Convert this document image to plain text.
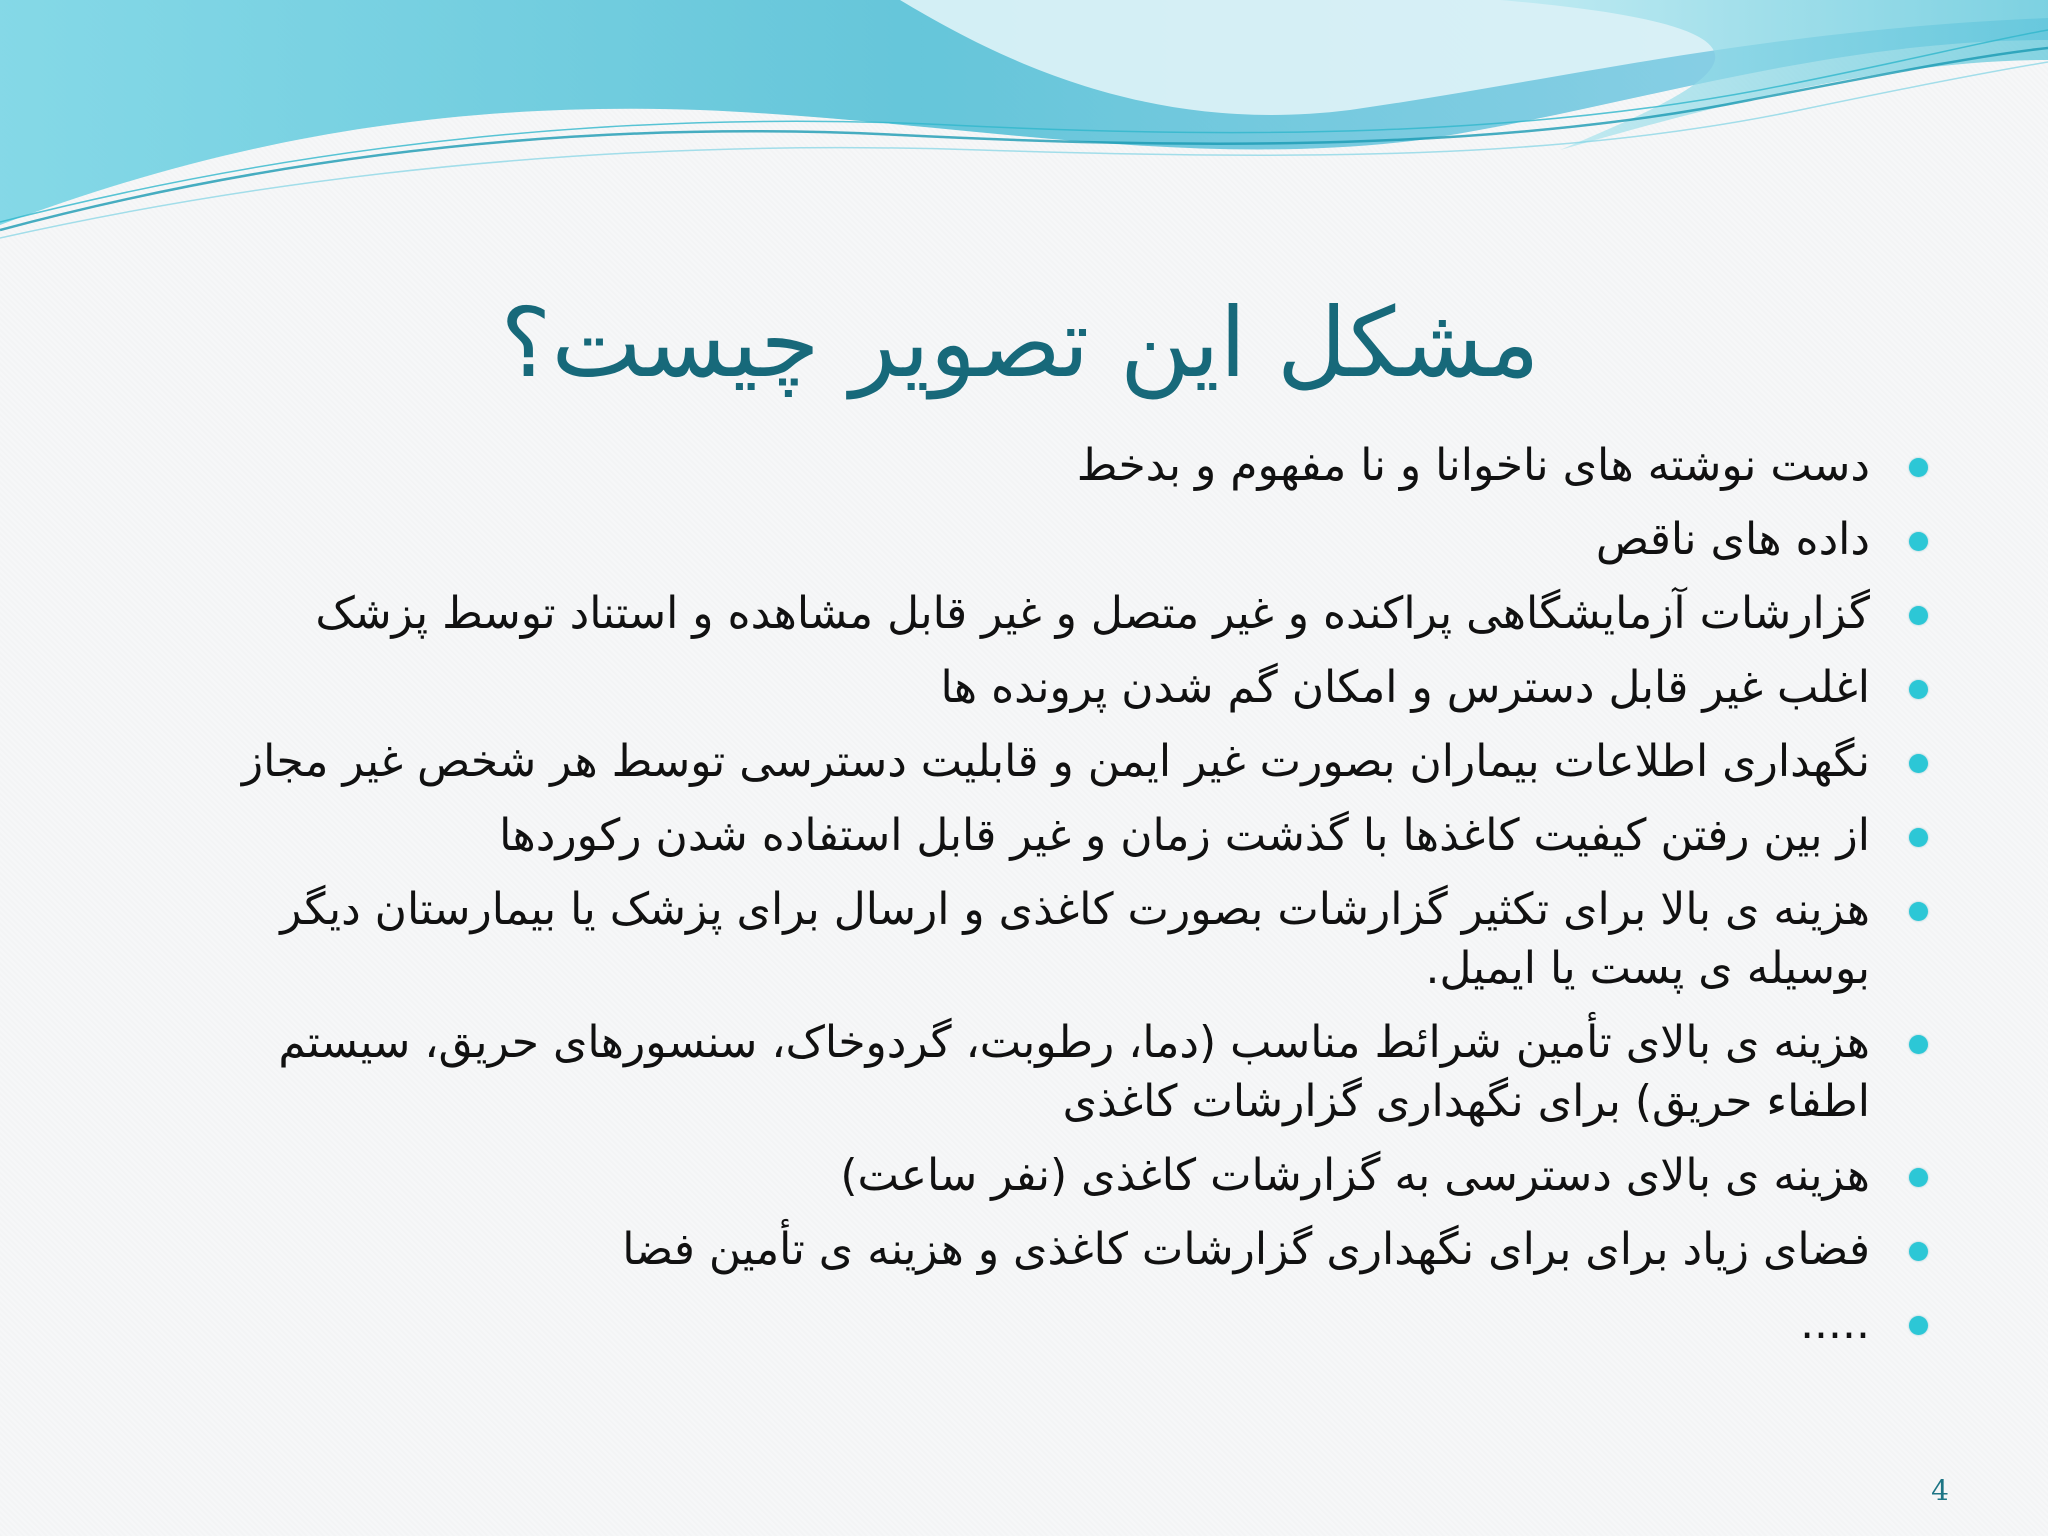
مشکل این تصویر چیست؟
دست نوشته های ناخوانا و نا مفهوم و بدخط
داده های ناقص
گزارشات آزمایشگاهی پراکنده و غیر متصل و غیر قابل مشاهده و استناد توسط پزشک
اغلب غیر قابل دسترس و امکان گم شدن پرونده ها
نگهداری اطلاعات بیماران بصورت غیر ایمن و قابلیت دسترسی توسط هر شخص غیر مجاز
از بین رفتن کیفیت کاغذها با گذشت زمان و غیر قابل استفاده شدن رکوردها
هزینه ی بالا برای تکثیر گزارشات بصورت کاغذی و ارسال برای پزشک یا بیمارستان دیگر بوسیله ی پست یا ایمیل.
هزینه ی بالای تأمین شرائط مناسب (دما، رطوبت، گردوخاک، سنسورهای حریق، سیستم اطفاء حریق) برای نگهداری گزارشات کاغذی
هزینه ی بالای دسترسی به گزارشات کاغذی (نفر ساعت)
فضای زیاد برای برای نگهداری گزارشات کاغذی و هزینه ی تأمین فضا
.....
4
